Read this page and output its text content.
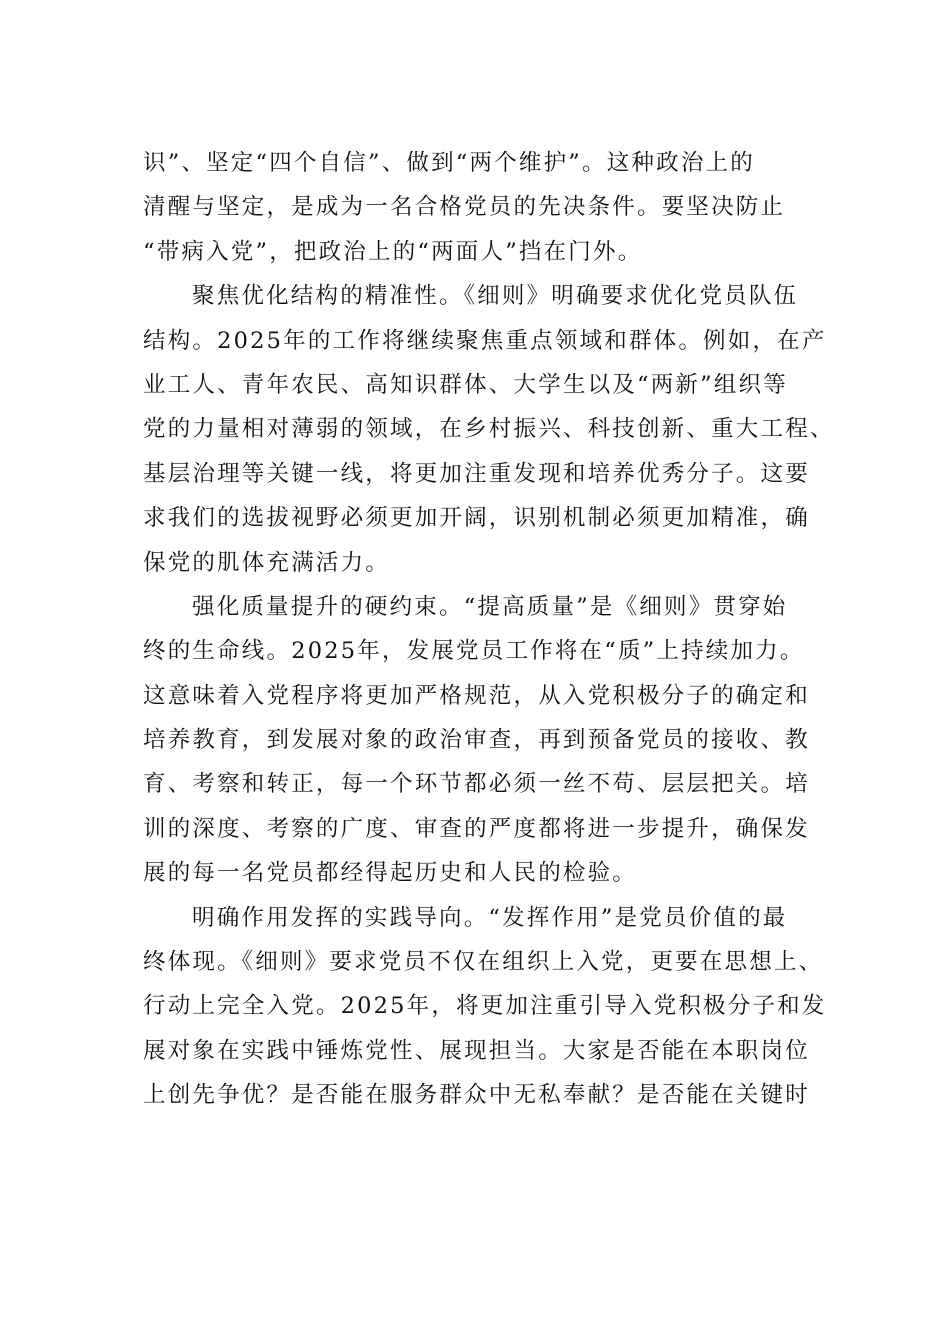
识”、坚定“四个自信”、做到“两个维护”。这种政治上的
清醒与坚定，是成为一名合格党员的先决条件。要坚决防止
“带病入党”，把政治上的“两面人”挡在门外。
聚焦优化结构的精准性。《细则》明确要求优化党员队伍
结构。2025年的工作将继续聚焦重点领域和群体。例如，在产
业工人、青年农民、高知识群体、大学生以及“两新”组织等
党的力量相对薄弱的领域，在乡村振兴、科技创新、重大工程、
基层治理等关键一线，将更加注重发现和培养优秀分子。这要
求我们的选拔视野必须更加开阔，识别机制必须更加精准，确
保党的肌体充满活力。
强化质量提升的硬约束。“提高质量”是《细则》贯穿始
终的生命线。2025年，发展党员工作将在“质”上持续加力。
这意味着入党程序将更加严格规范，从入党积极分子的确定和
培养教育，到发展对象的政治审查，再到预备党员的接收、教
育、考察和转正，每一个环节都必须一丝不苟、层层把关。培
训的深度、考察的广度、审查的严度都将进一步提升，确保发
展的每一名党员都经得起历史和人民的检验。
明确作用发挥的实践导向。“发挥作用”是党员价值的最
终体现。《细则》要求党员不仅在组织上入党，更要在思想上、
行动上完全入党。2025年，将更加注重引导入党积极分子和发
展对象在实践中锤炼党性、展现担当。大家是否能在本职岗位
上创先争优？是否能在服务群众中无私奉献？是否能在关键时
